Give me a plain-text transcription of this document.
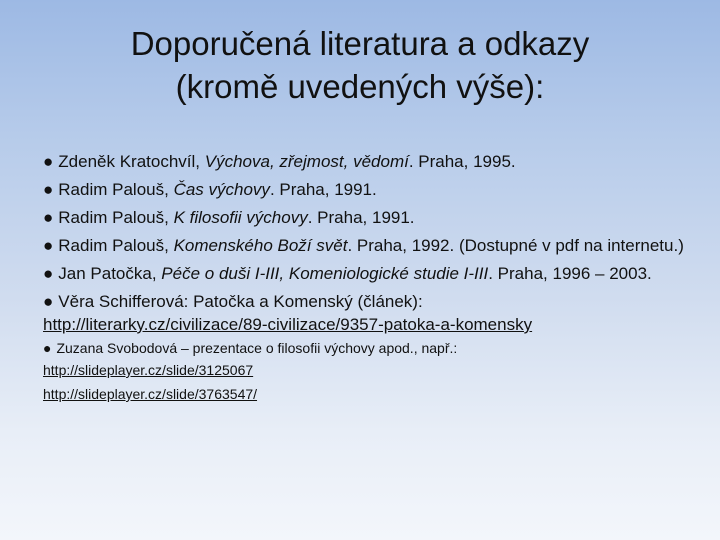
Doporučená literatura a odkazy
(kromě uvedených výše):

● Zdeněk Kratochvíl, Výchova, zřejmost, vědomí. Praha, 1995.

● Radim Palouš, Čas výchovy. Praha, 1991.

● Radim Palouš, K filosofii výchovy. Praha, 1991.

● Radim Palouš, Komenského Boží svět. Praha, 1992. (Dostupné v pdf na internetu.)

● Jan Patočka, Péče o duši I-III, Komeniologické studie I-III. Praha, 1996 – 2003.

● Věra Schifferová: Patočka a Komenský (článek):
http://literarky.cz/civilizace/89-civilizace/9357-patoka-a-komensky

● Zuzana Svobodová – prezentace o filosofii výchovy apod., např.:
http://slideplayer.cz/slide/3125067
http://slideplayer.cz/slide/3763547/
